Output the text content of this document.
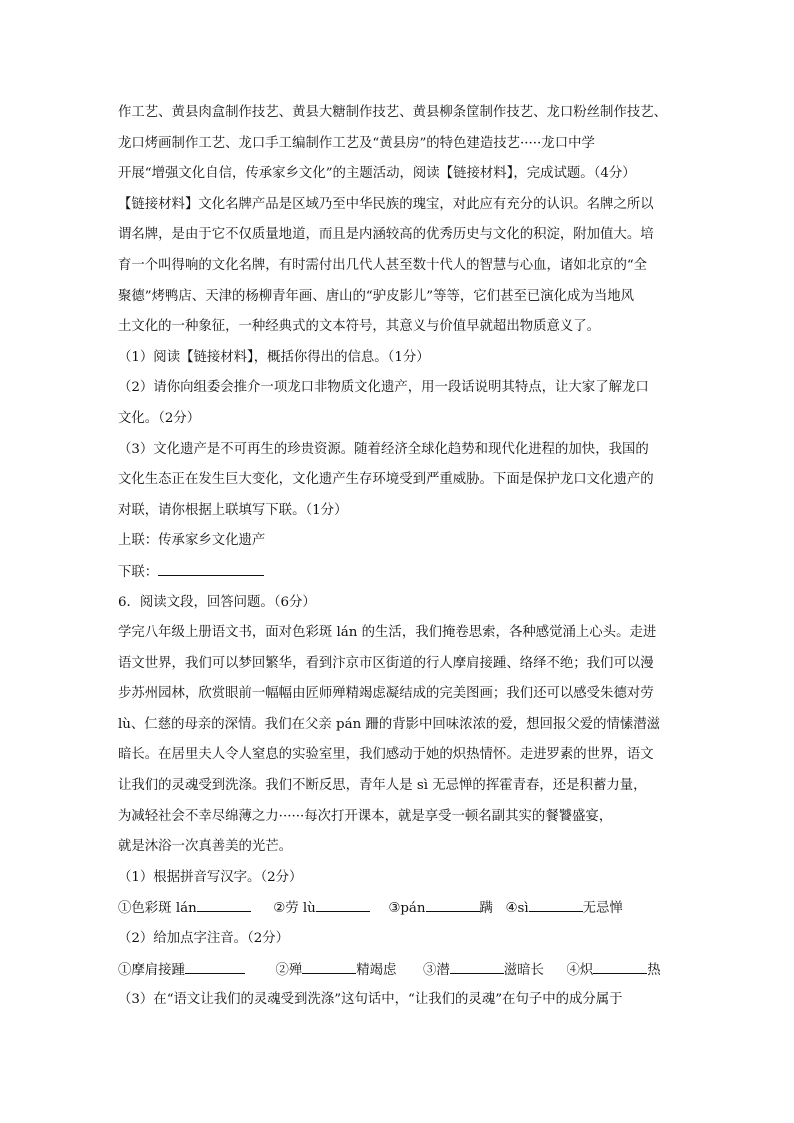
作工艺、黄县肉盒制作技艺、黄县大糖制作技艺、黄县柳条筐制作技艺、龙口粉丝制作技艺、
龙口烤画制作工艺、龙口手工编制作工艺及“黄县房”的特色建造技艺·····龙口中学
开展“增强文化自信，传承家乡文化”的主题活动，阅读【链接材料】，完成试题。（4分）
【链接材料】文化名牌产品是区域乃至中华民族的瑰宝，对此应有充分的认识。名牌之所以
谓名牌，是由于它不仅质量地道，而且是内涵较高的优秀历史与文化的积淀，附加值大。培
育一个叫得响的文化名牌，有时需付出几代人甚至数十代人的智慧与心血，诸如北京的“全
聚德”烤鸭店、天津的杨柳青年画、唐山的“驴皮影儿”等等，它们甚至已演化成为当地风
土文化的一种象征，一种经典式的文本符号，其意义与价值早就超出物质意义了。
（1）阅读【链接材料】，概括你得出的信息。（1分）
（2）请你向组委会推介一项龙口非物质文化遗产，用一段话说明其特点，让大家了解龙口
文化。（2分）
（3）文化遗产是不可再生的珍贵资源。随着经济全球化趋势和现代化进程的加快，我国的
文化生态正在发生巨大变化，文化遗产生存环境受到严重威胁。下面是保护龙口文化遗产的
对联，请你根据上联填写下联。（1分）
上联：传承家乡文化遗产
下联：
6．阅读文段，回答问题。（6分）
学完八年级上册语文书，面对色彩斑 lán 的生活，我们掩卷思索，各种感觉涌上心头。走进
语文世界，我们可以梦回繁华，看到汴京市区街道的行人摩肩接踵、络绎不绝；我们可以漫
步苏州园林，欣赏眼前一幅幅由匠师殚精竭虑凝结成的完美图画；我们还可以感受朱德对劳
lù、仁慈的母亲的深情。我们在父亲 pán 跚的背影中回味浓浓的爱，想回报父爱的情愫潜滋
暗长。在居里夫人令人窒息的实验室里，我们感动于她的炽热情怀。走进罗素的世界，语文
让我们的灵魂受到洗涤。我们不断反思，青年人是 sì 无忌惮的挥霍青春，还是积蓄力量，
为减轻社会不幸尽绵薄之力······每次打开课本，就是享受一顿名副其实的餐饕盛宴，
就是沐浴一次真善美的光芒。
（1）根据拼音写汉字。（2分）
①色彩斑 lán	②劳 lù	③pán	蹒 ④sì	无忌惮
（2）给加点字注音。（2分）
①摩肩接踵	②殚	精竭虑 ③潜	滋暗长 ④炽	热
（3）在“语文让我们的灵魂受到洗涤”这句话中，“让我们的灵魂”在句子中的成分属于
